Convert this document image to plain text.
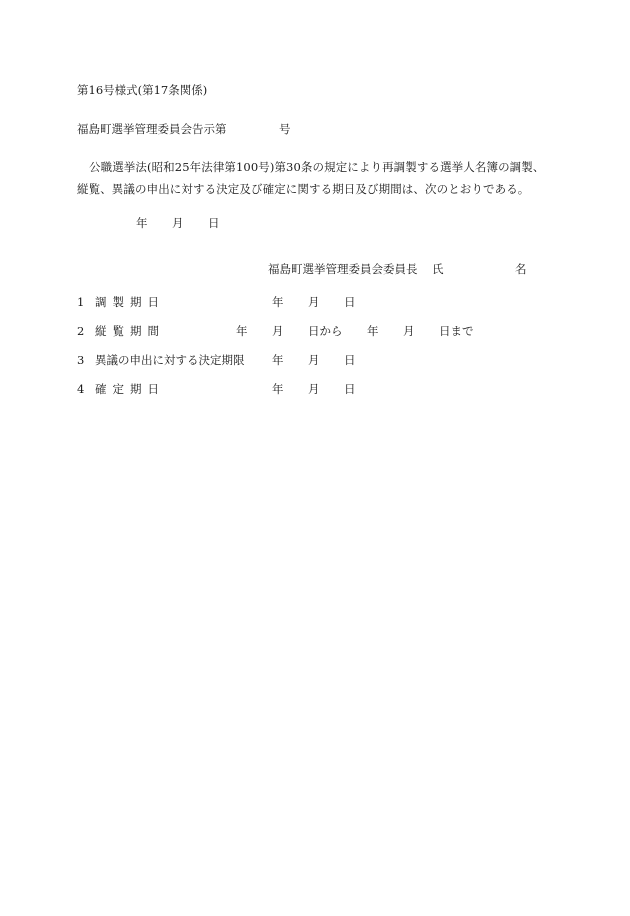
第16号様式(第17条関係)
福島町選挙管理委員会告示第	号
公職選挙法(昭和25年法律第100号)第30条の規定により再調製する選挙人名簿の調製、
縦覧、異議の申出に対する決定及び確定に関する期日及び期間は、次のとおりである。
年 月 日
福島町選挙管理委員会委員長 氏	名
1 調製期日	年 月 日
2 縦覧期間	年 月 日から 年 月 日まで
3 異議の申出に対する決定期限 年 月 日
4 確定期日	年 月 日
